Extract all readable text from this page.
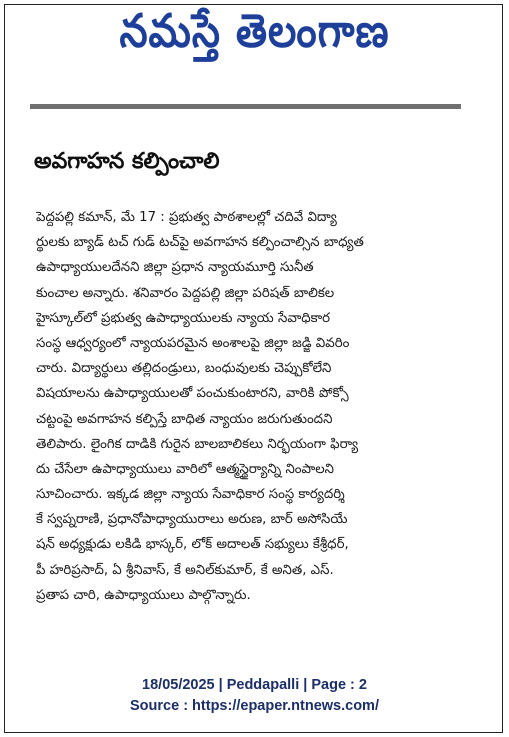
నమస్తే తెలంగాణ
అవగాహన కల్పించాలి
పెద్దపల్లి కమాన్, మే 17 : ప్రభుత్వ పాఠశాలల్లో చదివే విద్యా
ర్థులకు బ్యాడ్ టచ్ గుడ్ టచ్‌పై అవగాహన కల్పించాల్సిన బాధ్యత
ఉపాధ్యాయులదేనని జిల్లా ప్రధాన న్యాయమూర్తి సునీత
కుంచాల అన్నారు. శనివారం పెద్దపల్లి జిల్లా పరిషత్ బాలికల
హైస్కూల్‌లో ప్రభుత్వ ఉపాధ్యాయులకు న్యాయ సేవాధికార
సంస్థ ఆధ్వర్యంలో న్యాయపరమైన అంశాలపై జిల్లా జడ్జి వివరిం
చారు. విద్యార్థులు తల్లిదండ్రులు, బంధువులకు చెప్పుకోలేని
విషయాలను ఉపాధ్యాయులతో పంచుకుంటారని, వారికి పోక్సో
చట్టంపై అవగాహన కల్పిస్తే బాధిత న్యాయం జరుగుతుందని
తెలిపారు. లైంగిక దాడికి గురైన బాలబాలికలు నిర్భయంగా ఫిర్యా
దు చేసేలా ఉపాధ్యాయులు వారిలో ఆత్మస్థైర్యాన్ని నింపాలని
సూచించారు. ఇక్కడ జిల్లా న్యాయ సేవాధికార సంస్థ కార్యదర్శి
కే స్వప్నరాణి, ప్రధానోపాధ్యాయురాలు అరుణ, బార్ అసోసియే
షన్ అధ్యక్షుడు లకిడి భాస్కర్, లోక్ అదాలత్ సభ్యులు కేశ్రీధర్,
పీ హరిప్రసాద్, ఏ శ్రీనివాస్, కే అనిల్‌కుమార్, కే అనిత, ఎస్.
ప్రతాప చారి, ఉపాధ్యాయులు పాల్గొన్నారు.
18/05/2025 | Peddapalli | Page : 2
Source : https://epaper.ntnews.com/
